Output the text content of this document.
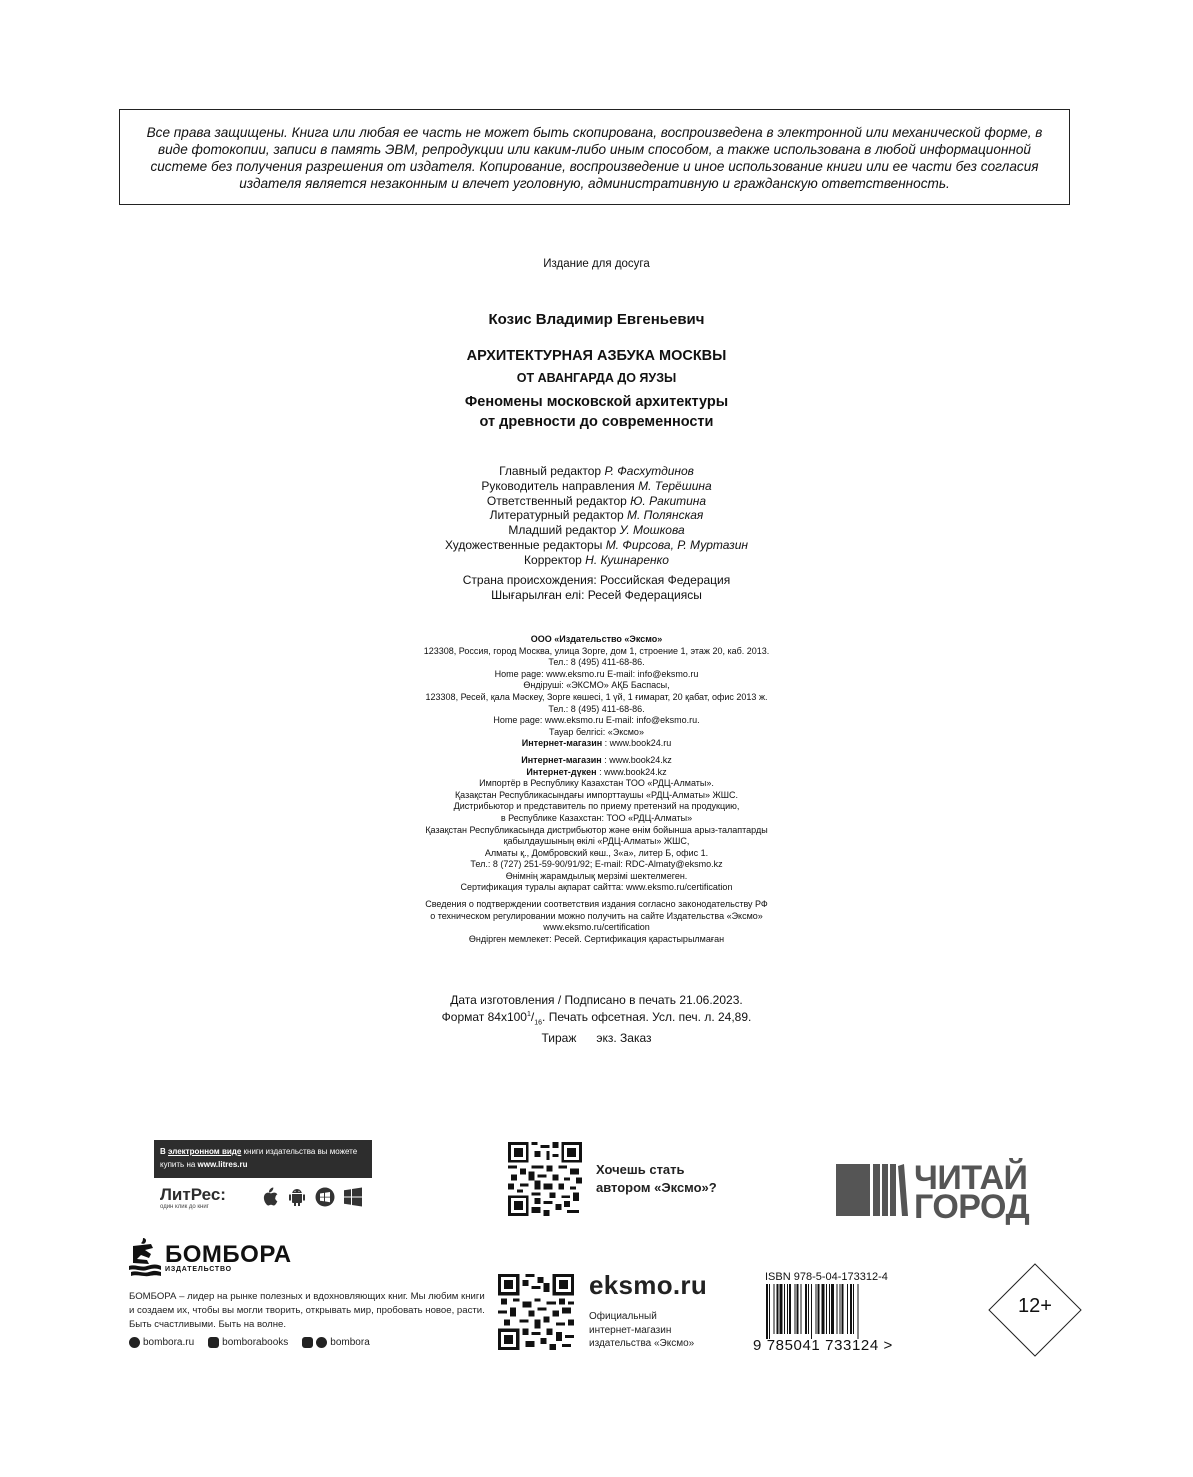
Все права защищены. Книга или любая ее часть не может быть скопирована, воспроизведена в электронной или механической форме, в виде фотокопии, записи в память ЭВМ, репродукции или каким-либо иным способом, а также использована в любой информационной системе без получения разрешения от издателя. Копирование, воспроизведение и иное использование книги или ее части без согласия издателя является незаконным и влечет уголовную, административную и гражданскую ответственность.
Издание для досуга
Козис Владимир Евгеньевич
АРХИТЕКТУРНАЯ АЗБУКА МОСКВЫ
ОТ АВАНГАРДА ДО ЯУЗЫ
Феномены московской архитектуры
от древности до современности
Главный редактор Р. Фасхутдинов
Руководитель направления М. Терёшина
Ответственный редактор Ю. Ракитина
Литературный редактор М. Полянская
Младший редактор У. Мошкова
Художественные редакторы М. Фирсова, Р. Муртазин
Корректор Н. Кушнаренко
Страна происхождения: Российская Федерация
Шығарылған елі: Ресей Федерациясы
ООО «Издательство «Эксмо»
123308, Россия, город Москва, улица Зорге, дом 1, строение 1, этаж 20, каб. 2013.
Тел.: 8 (495) 411-68-86.
Home page: www.eksmo.ru E-mail: info@eksmo.ru
Өндіруші: «ЭКСМО» АҚБ Баспасы,
123308, Ресей, қала Мәскеу, Зорге көшесі, 1 үй, 1 ғимарат, 20 қабат, офис 2013 ж.
Тел.: 8 (495) 411-68-86.
Home page: www.eksmo.ru E-mail: info@eksmo.ru.
Тауар белгісі: «Эксмо»
Интернет-магазин : www.book24.ru
Интернет-магазин : www.book24.kz
Интернет-дүкен : www.book24.kz
Импортёр в Республику Казахстан ТОО «РДЦ-Алматы».
Қазақстан Республикасындағы импорттаушы «РДЦ-Алматы» ЖШС.
Дистрибьютор и представитель по приему претензий на продукцию,
в Республике Казахстан: ТОО «РДЦ-Алматы»
Қазақстан Республикасында дистрибьютор және өнім бойынша арыз-талаптарды
қабылдаушының өкілі «РДЦ-Алматы» ЖШС,
Алматы қ., Домбровский көш., 3«а», литер Б, офис 1.
Тел.: 8 (727) 251-59-90/91/92; E-mail: RDC-Almaty@eksmo.kz
Өнімнің жарамдылық мерзімі шектелмеген.
Сертификация туралы ақпарат сайтта: www.eksmo.ru/certification
Сведения о подтверждении соответствия издания согласно законодательству РФ
о техническом регулировании можно получить на сайте Издательства «Эксмо»
www.eksmo.ru/certification
Өндірген мемлекет: Ресей. Сертификация қарастырылмаған
Дата изготовления / Подписано в печать 21.06.2023.
Формат $84x100^1/_{16}$. Печать офсетная. Усл. печ. л. 24,89.
Тираж      экз. Заказ
В электронном виде книги издательства вы можете
купить на www.litres.ru
ЛитРес:
один клик до книг
Хочешь стать
автором «Эксмо»?	ЧИТАЙ
ГОРОД
БОМБОРА
ИЗДАТЕЛЬСТВО
БОМБОРА – лидер на рынке полезных и вдохновляющих книг. Мы любим книги и создаем их, чтобы вы могли творить, открывать мир, пробовать новое, расти. Быть счастливыми. Быть на волне.
bombora.ru	bomborabooks	bombora
eksmo.ru
Официальный
интернет-магазин
издательства «Эксмо»
ISBN 978-5-04-173312-4
9 785041 733124 >
12+
